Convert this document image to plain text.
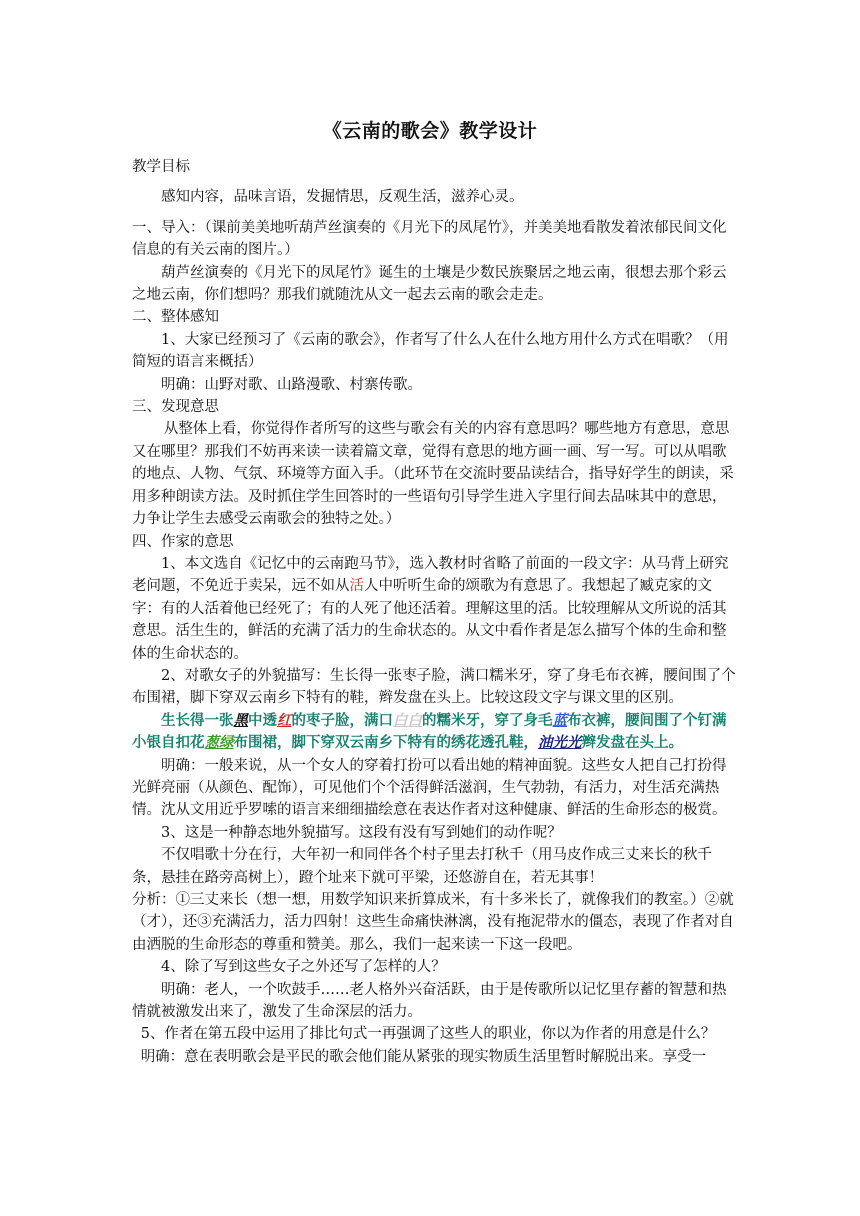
《云南的歌会》教学设计

教学目标

感知内容，品味言语，发掘情思，反观生活，滋养心灵。

一、导入：（课前美美地听葫芦丝演奏的《月光下的凤尾竹》，并美美地看散发着浓郁民间文化信息的有关云南的图片。）

葫芦丝演奏的《月光下的凤尾竹》诞生的土壤是少数民族聚居之地云南，很想去那个彩云之地云南，你们想吗？那我们就随沈从文一起去云南的歌会走走。

二、整体感知

1、大家已经预习了《云南的歌会》，作者写了什么人在什么地方用什么方式在唱歌？（用简短的语言来概括）

明确：山野对歌、山路漫歌、村寨传歌。

三、发现意思

从整体上看，你觉得作者所写的这些与歌会有关的内容有意思吗？哪些地方有意思，意思又在哪里？那我们不妨再来读一读着篇文章，觉得有意思的地方画一画、写一写。可以从唱歌的地点、人物、气氛、环境等方面入手。（此环节在交流时要品读结合，指导好学生的朗读，采用多种朗读方法。及时抓住学生回答时的一些语句引导学生进入字里行间去品味其中的意思，力争让学生去感受云南歌会的独特之处。）

四、作家的意思

1、本文选自《记忆中的云南跑马节》，选入教材时省略了前面的一段文字：从马背上研究老问题，不免近于卖呆，远不如从活人中听听生命的颂歌为有意思了。我想起了臧克家的文字：有的人活着他已经死了；有的人死了他还活着。理解这里的活。比较理解从文所说的活其意思。活生生的，鲜活的充满了活力的生命状态的。从文中看作者是怎么描写个体的生命和整体的生命状态的。

2、对歌女子的外貌描写：生长得一张枣子脸，满口糯米牙，穿了身毛布衣裤，腰间围了个布围裙，脚下穿双云南乡下特有的鞋，辫发盘在头上。比较这段文字与课文里的区别。

生长得一张黑中透红的枣子脸，满口白白的糯米牙，穿了身毛蓝布衣裤，腰间围了个钉满小银自扣花葱绿布围裙，脚下穿双云南乡下特有的绣花透孔鞋，油光光辫发盘在头上。

明确：一般来说，从一个女人的穿着打扮可以看出她的精神面貌。这些女人把自己打扮得光鲜亮丽（从颜色、配饰），可见他们个个活得鲜活滋润，生气勃勃，有活力，对生活充满热情。沈从文用近乎罗嗦的语言来细细描绘意在表达作者对这种健康、鲜活的生命形态的极赏。

3、这是一种静态地外貌描写。这段有没有写到她们的动作呢？

不仅唱歌十分在行，大年初一和同伴各个村子里去打秋千（用马皮作成三丈来长的秋千条，悬挂在路旁高树上），蹬个址来下就可平梁，还悠游自在，若无其事！

分析：①三丈来长（想一想，用数学知识来折算成米，有十多米长了，就像我们的教室。）②就（才），还③充满活力，活力四射！这些生命痛快淋漓，没有拖泥带水的僵态，表现了作者对自由洒脱的生命形态的尊重和赞美。那么，我们一起来读一下这一段吧。

4、除了写到这些女子之外还写了怎样的人？

明确：老人，一个吹鼓手……老人格外兴奋活跃，由于是传歌所以记忆里存蓄的智慧和热情就被激发出来了，激发了生命深层的活力。

5、作者在第五段中运用了排比句式一再强调了这些人的职业，你以为作者的用意是什么？

明确：意在表明歌会是平民的歌会他们能从紧张的现实物质生活里暂时解脱出来。享受一
